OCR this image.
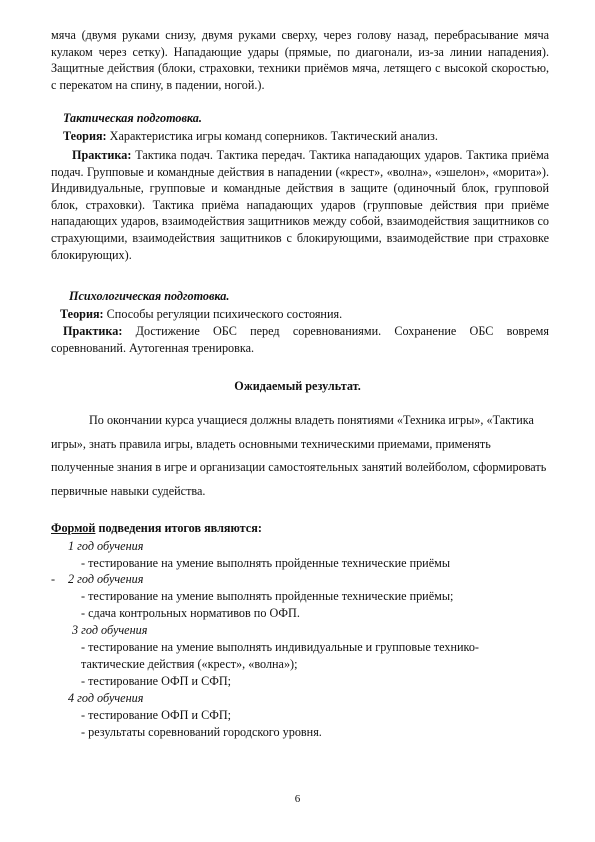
мяча (двумя руками снизу, двумя руками сверху, через голову назад, перебрасывание мяча кулаком через сетку). Нападающие удары (прямые, по диагонали, из-за линии нападения). Защитные действия (блоки, страховки, техники приёмов мяча, летящего с высокой скоростью, с перекатом на спину, в падении, ногой.).

Тактическая подготовка.
Теория: Характеристика игры команд соперников. Тактический анализ.

Практика: Тактика подач. Тактика передач. Тактика нападающих ударов. Тактика приёма подач. Групповые и командные действия в нападении («крест», «волна», «эшелон», «морита»). Индивидуальные, групповые и командные действия в защите (одиночный блок, групповой блок, страховки). Тактика приёма нападающих ударов (групповые действия при приёме нападающих ударов, взаимодействия защитников между собой, взаимодействия защитников со страхующими, взаимодействия защитников с блокирующими, взаимодействие при страховке блокирующих).

Психологическая подготовка.
Теория: Способы регуляции психического состояния.

Практика: Достижение ОБС перед соревнованиями. Сохранение ОБС вовремя соревнований. Аутогенная тренировка.

Ожидаемый результат.

По окончании курса учащиеся должны владеть понятиями «Техника игры», «Тактика игры», знать правила игры, владеть основными техническими приемами, применять полученные знания в игре и организации самостоятельных занятий волейболом, сформировать первичные навыки судейства.

Формой подведения итогов являются:
1 год обучения
- тестирование на умение выполнять пройденные технические приёмы
- 2 год обучения
- тестирование на умение выполнять пройденные технические приёмы;
- сдача контрольных нормативов по ОФП.
3 год обучения
- тестирование на умение выполнять индивидуальные и групповые технико-
тактические действия («крест», «волна»);
- тестирование ОФП и СФП;
4 год обучения
- тестирование ОФП и СФП;
- результаты соревнований городского уровня.
6
